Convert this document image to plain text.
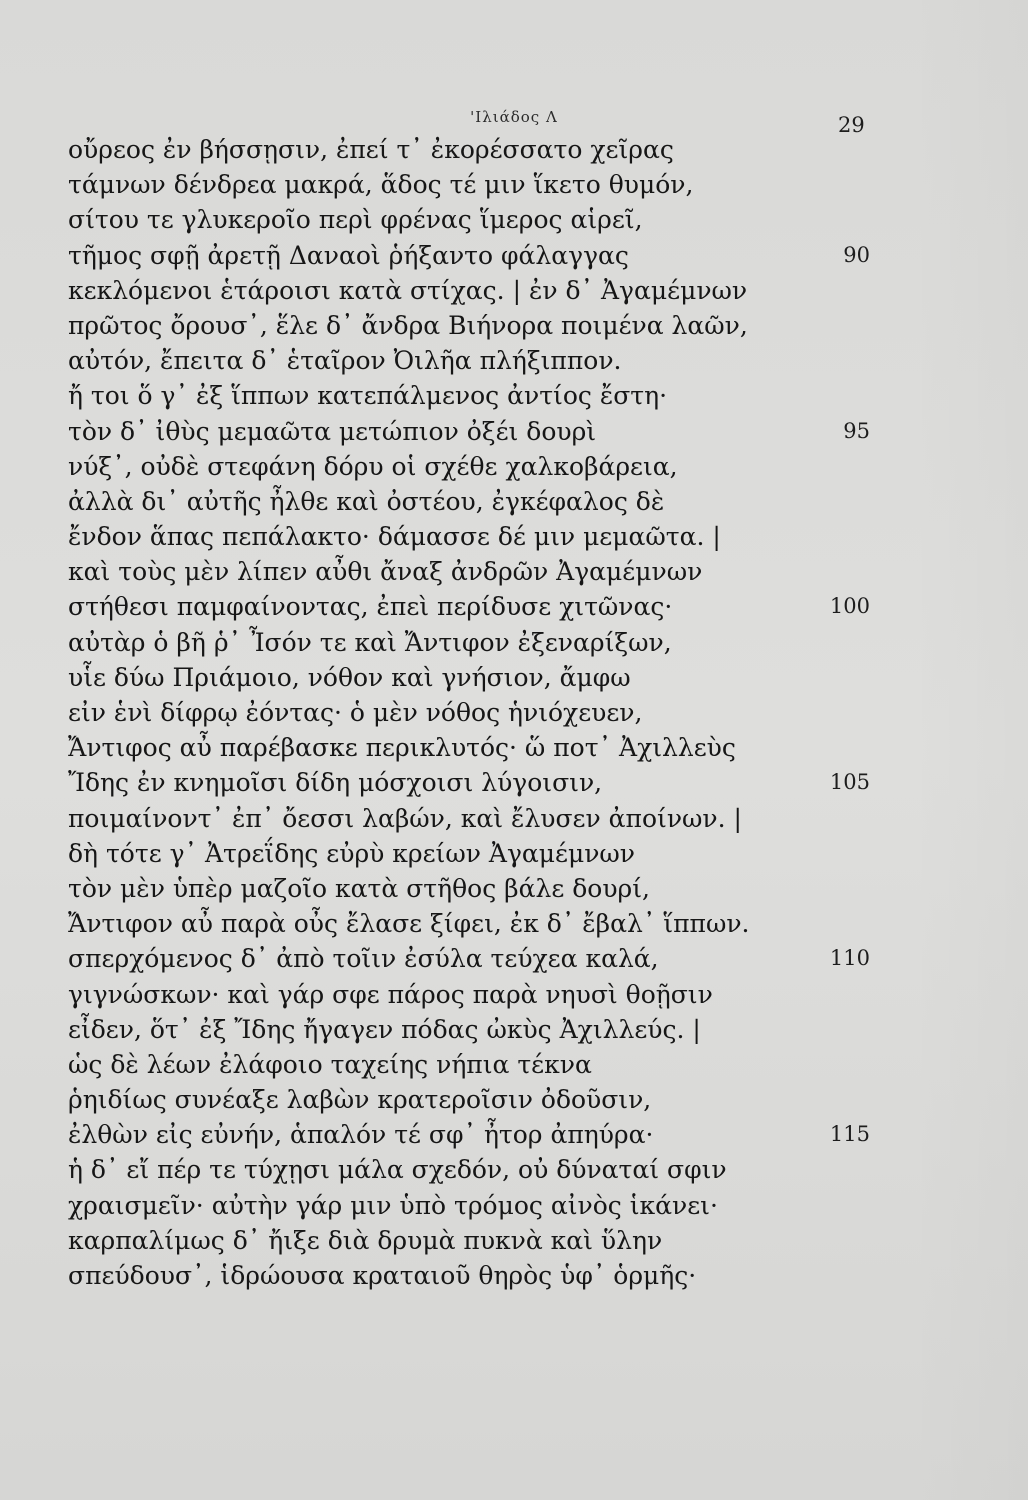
'Ιλιάδος Λ	29
οὔρεος ἐν βήσσῃσιν, ἐπεί τ᾽ ἐκορέσσατο χεῖρας
τάμνων δένδρεα μακρά, ἅδος τέ μιν ἵκετο θυμόν,
σίτου τε γλυκεροῖο περὶ φρένας ἵμερος αἱρεῖ,
τῆμος σφῇ ἀρετῇ Δαναοὶ ῥήξαντο φάλαγγας	90
κεκλόμενοι ἑτάροισι κατὰ στίχας. | ἐν δ᾽ Ἀγαμέμνων
πρῶτος ὄρουσ᾽, ἕλε δ᾽ ἄνδρα Βιήνορα ποιμένα λαῶν,
αὐτόν, ἔπειτα δ᾽ ἑταῖρον Ὀιλῆα πλήξιππον.
ἤ τοι ὅ γ᾽ ἐξ ἵππων κατεπάλμενος ἀντίος ἔστη·
τὸν δ᾽ ἰθὺς μεμαῶτα μετώπιον ὀξέι δουρὶ	95
νύξ᾽, οὐδὲ στεφάνη δόρυ οἱ σχέθε χαλκοβάρεια,
ἀλλὰ δι᾽ αὐτῆς ἦλθε καὶ ὀστέου, ἐγκέφαλος δὲ
ἔνδον ἅπας πεπάλακτο· δάμασσε δέ μιν μεμαῶτα. |
καὶ τοὺς μὲν λίπεν αὖθι ἄναξ ἀνδρῶν Ἀγαμέμνων
στήθεσι παμφαίνοντας, ἐπεὶ περίδυσε χιτῶνας·	100
αὐτὰρ ὁ βῆ ῥ᾽ Ἶσόν τε καὶ Ἄντιφον ἐξεναρίξων,
υἷε δύω Πριάμοιο, νόθον καὶ γνήσιον, ἄμφω
εἰν ἑνὶ δίφρῳ ἐόντας· ὁ μὲν νόθος ἡνιόχευεν,
Ἄντιφος αὖ παρέβασκε περικλυτός· ὥ ποτ᾽ Ἀχιλλεὺς
Ἴδης ἐν κνημοῖσι δίδη μόσχοισι λύγοισιν,	105
ποιμαίνοντ᾽ ἐπ᾽ ὄεσσι λαβών, καὶ ἔλυσεν ἀποίνων. |
δὴ τότε γ᾽ Ἀτρεΐδης εὐρὺ κρείων Ἀγαμέμνων
τὸν μὲν ὑπὲρ μαζοῖο κατὰ στῆθος βάλε δουρί,
Ἄντιφον αὖ παρὰ οὖς ἔλασε ξίφει, ἐκ δ᾽ ἔβαλ᾽ ἵππων.
σπερχόμενος δ᾽ ἀπὸ τοῖιν ἐσύλα τεύχεα καλά,	110
γιγνώσκων· καὶ γάρ σφε πάρος παρὰ νηυσὶ θοῇσιν
εἶδεν, ὅτ᾽ ἐξ Ἴδης ἤγαγεν πόδας ὠκὺς Ἀχιλλεύς. |
ὡς δὲ λέων ἐλάφοιο ταχείης νήπια τέκνα
ῥηιδίως συνέαξε λαβὼν κρατεροῖσιν ὀδοῦσιν,
ἐλθὼν εἰς εὐνήν, ἁπαλόν τέ σφ᾽ ἦτορ ἀπηύρα·	115
ἡ δ᾽ εἴ πέρ τε τύχῃσι μάλα σχεδόν, οὐ δύναταί σφιν
χραισμεῖν· αὐτὴν γάρ μιν ὑπὸ τρόμος αἰνὸς ἱκάνει·
καρπαλίμως δ᾽ ἤιξε διὰ δρυμὰ πυκνὰ καὶ ὕλην
σπεύδουσ᾽, ἱδρώουσα κραταιοῦ θηρὸς ὑφ᾽ ὁρμῆς·
